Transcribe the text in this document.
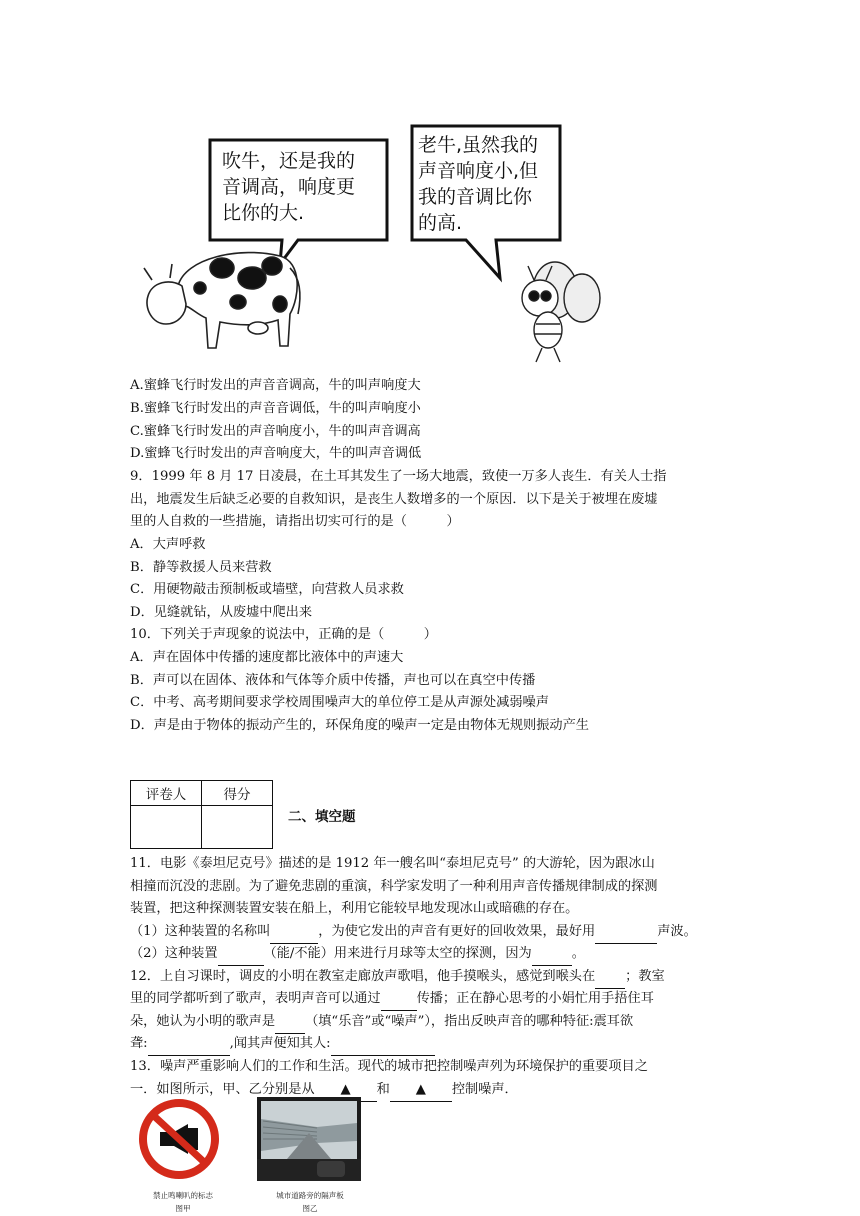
吹牛，还是我的
音调高，响度更
比你的大.
老牛,虽然我的
声音响度小,但
我的音调比你
的高.
A.蜜蜂飞行时发出的声音音调高，牛的叫声响度大
B.蜜蜂飞行时发出的声音音调低，牛的叫声响度小
C.蜜蜂飞行时发出的声音响度小，牛的叫声音调高
D.蜜蜂飞行时发出的声音响度大，牛的叫声音调低
9．1999 年 8 月 17 日凌晨，在土耳其发生了一场大地震，致使一万多人丧生．有关人士指
出，地震发生后缺乏必要的自救知识，是丧生人数增多的一个原因．以下是关于被埋在废墟
里的人自救的一些措施，请指出切实可行的是（　　　）
A．大声呼救
B．静等救援人员来营救
C．用硬物敲击预制板或墙壁，向营救人员求救
D．见缝就钻，从废墟中爬出来
10．下列关于声现象的说法中，正确的是（　　　）
A．声在固体中传播的速度都比液体中的声速大
B．声可以在固体、液体和气体等介质中传播，声也可以在真空中传播
C．中考、高考期间要求学校周围噪声大的单位停工是从声源处减弱噪声
D．声是由于物体的振动产生的，环保角度的噪声一定是由物体无规则振动产生
评卷人	得分

二、填空题
11．电影《泰坦尼克号》描述的是 1912 年一艘名叫“泰坦尼克号” 的大游轮，因为跟冰山
相撞而沉没的悲剧。为了避免悲剧的重演，科学家发明了一种利用声音传播规律制成的探测
装置，把这种探测装置安装在船上，利用它能较早地发现冰山或暗礁的存在。
（1）这种装置的名称叫	，为使它发出的声音有更好的回收效果，最好用	声波。
（2）这种装置	（能/不能）用来进行月球等太空的探测，因为	。
12．上自习课时，调皮的小明在教室走廊放声歌唱，他手摸喉头，感觉到喉头在 ；教室
里的同学都听到了歌声，表明声音可以通过	传播；正在静心思考的小娟忙用手捂住耳
朵，她认为小明的歌声是 （填“乐音”或“噪声”），指出反映声音的哪种特征:震耳欲
聋:	,闻其声便知其人:
13．噪声严重影响人们的工作和生活。现代的城市把控制噪声列为环境保护的重要项目之
一．如图所示，甲、乙分别是从 ▲ 和 ▲ 控制噪声．
禁止鸣喇叭的标志
图甲
城市道路旁的隔声板
图乙
